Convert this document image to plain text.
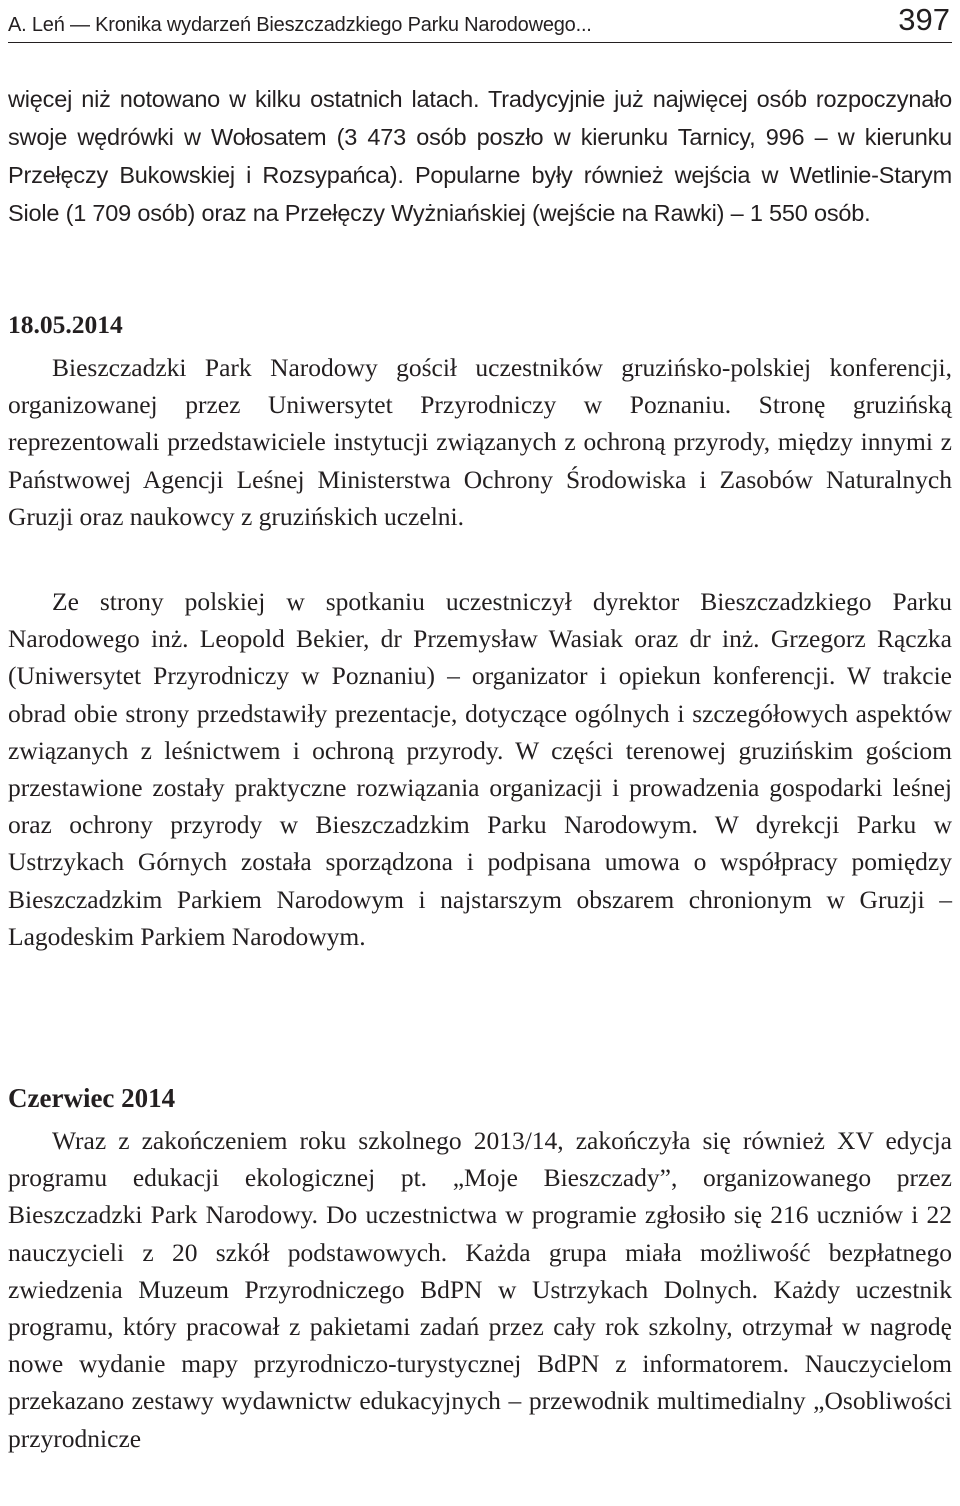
A. Leń — Kronika wydarzeń Bieszczadzkiego Parku Narodowego...	397

więcej niż notowano w kilku ostatnich latach. Tradycyjnie już najwięcej osób rozpoczynało swoje wędrówki w Wołosatem (3 473 osób poszło w kierunku Tarnicy, 996 – w kierunku Przełęczy Bukowskiej i Rozsypańca). Popularne były również wejścia w Wetlinie-Starym Siole (1 709 osób) oraz na Przełęczy Wyżniańskiej (wejście na Rawki) – 1 550 osób.

18.05.2014

Bieszczadzki Park Narodowy gościł uczestników gruzińsko-polskiej konferencji, organizowanej przez Uniwersytet Przyrodniczy w Poznaniu. Stronę gruzińską reprezentowali przedstawiciele instytucji związanych z ochroną przyrody, między innymi z Państwowej Agencji Leśnej Ministerstwa Ochrony Środowiska i Zasobów Naturalnych Gruzji oraz naukowcy z gruzińskich uczelni.

Ze strony polskiej w spotkaniu uczestniczył dyrektor Bieszczadzkiego Parku Narodowego inż. Leopold Bekier, dr Przemysław Wasiak oraz dr inż. Grzegorz Rączka (Uniwersytet Przyrodniczy w Poznaniu) – organizator i opiekun konferencji. W trakcie obrad obie strony przedstawiły prezentacje, dotyczące ogólnych i szczegółowych aspektów związanych z leśnictwem i ochroną przyrody. W części terenowej gruzińskim gościom przestawione zostały praktyczne rozwiązania organizacji i prowadzenia gospodarki leśnej oraz ochrony przyrody w Bieszczadzkim Parku Narodowym. W dyrekcji Parku w Ustrzykach Górnych została sporządzona i podpisana umowa o współpracy pomiędzy Bieszczadzkim Parkiem Narodowym i najstarszym obszarem chronionym w Gruzji – Lagodeskim Parkiem Narodowym.

Czerwiec 2014

Wraz z zakończeniem roku szkolnego 2013/14, zakończyła się również XV edycja programu edukacji ekologicznej pt. „Moje Bieszczady”, organizowanego przez Bieszczadzki Park Narodowy. Do uczestnictwa w programie zgłosiło się 216 uczniów i 22 nauczycieli z 20 szkół podstawowych. Każda grupa miała możliwość bezpłatnego zwiedzenia Muzeum Przyrodniczego BdPN w Ustrzykach Dolnych. Każdy uczestnik programu, który pracował z pakietami zadań przez cały rok szkolny, otrzymał w nagrodę nowe wydanie mapy przyrodniczo-turystycznej BdPN z informatorem. Nauczycielom przekazano zestawy wydawnictw edukacyjnych – przewodnik multimedialny „Osobliwości przyrodnicze
